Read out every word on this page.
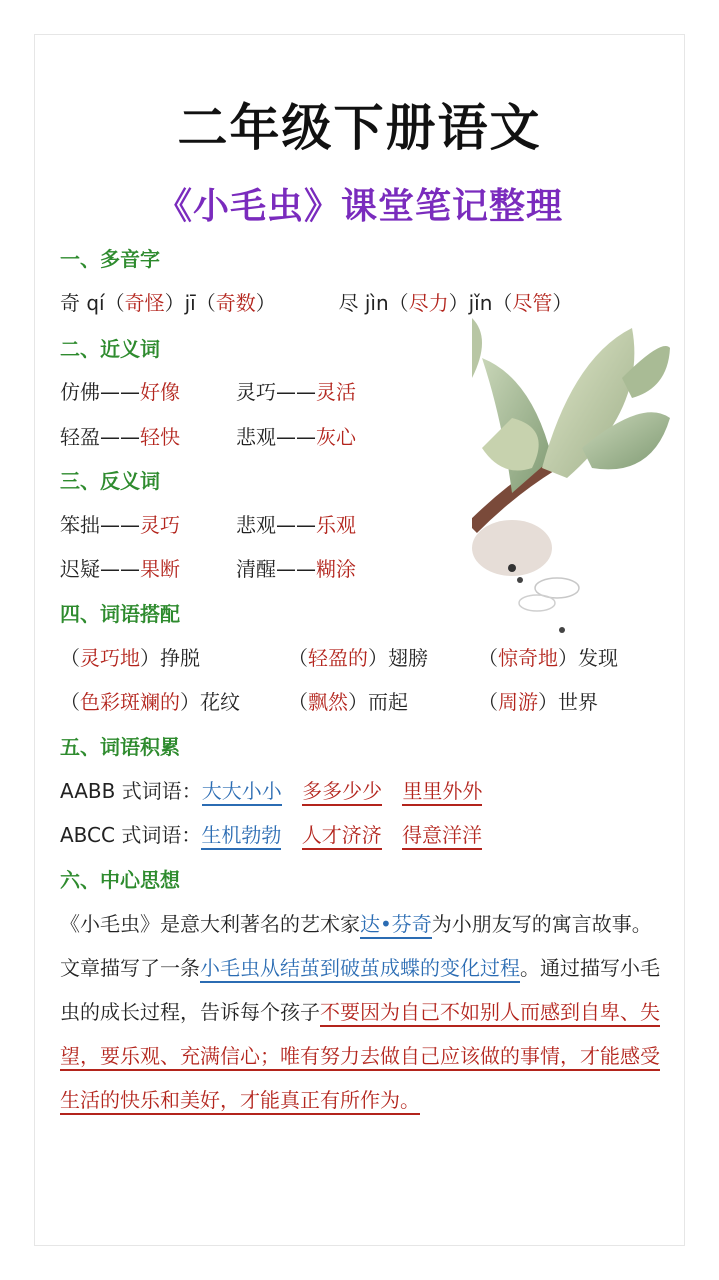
二年级下册语文
《小毛虫》课堂笔记整理
一、多音字
奇 qí（奇怪）jī（奇数）	尽 jìn（尽力）jǐn（尽管）
二、近义词
仿佛——好像	灵巧——灵活
轻盈——轻快	悲观——灰心
三、反义词
笨拙——灵巧	悲观——乐观
迟疑——果断	清醒——糊涂
四、词语搭配
（灵巧地）挣脱	（轻盈的）翅膀	（惊奇地）发现
（色彩斑斓的）花纹 （飘然）而起	（周游）世界
五、词语积累
AABB 式词语：大大小小 多多少少 里里外外
ABCC 式词语：生机勃勃 人才济济 得意洋洋
六、中心思想
《小毛虫》是意大利著名的艺术家达•芬奇为小朋友写的寓言故事。文章描写了一条小毛虫从结茧到破茧成蝶的变化过程。通过描写小毛虫的成长过程，告诉每个孩子不要因为自己不如别人而感到自卑、失望，要乐观、充满信心；唯有努力去做自己应该做的事情，才能感受生活的快乐和美好，才能真正有所作为。
